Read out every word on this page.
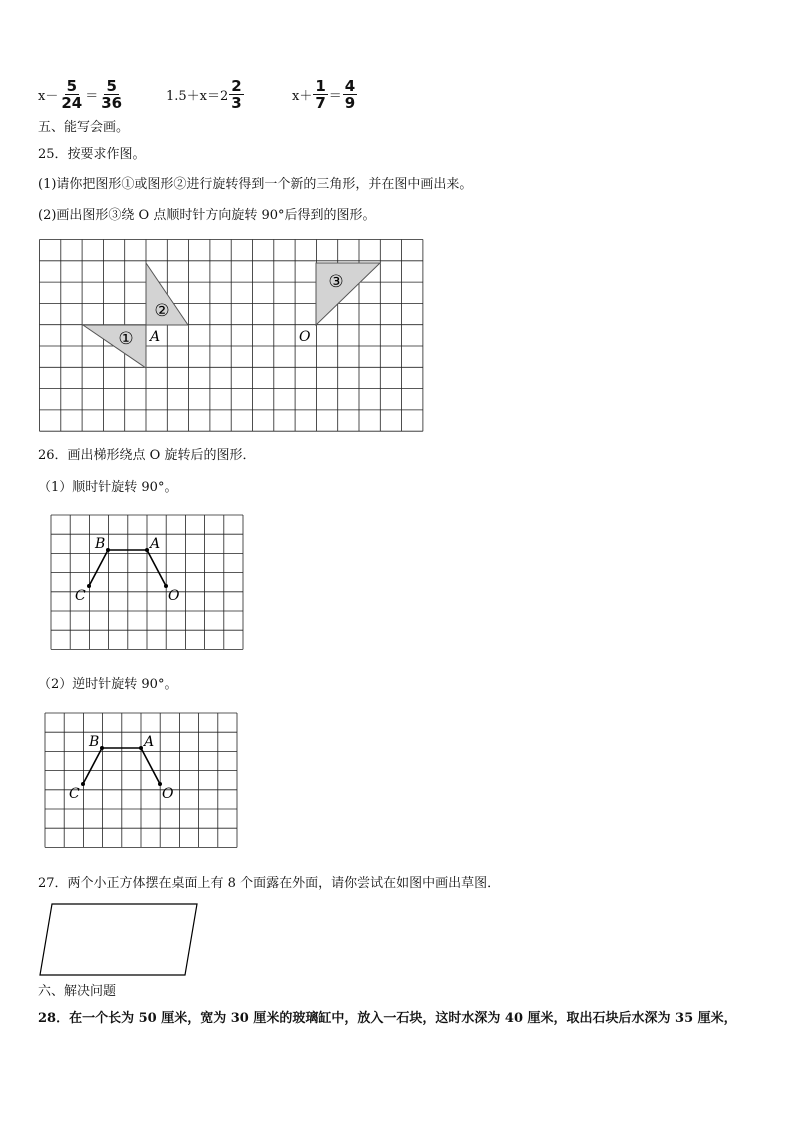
$x- \frac{5}{24} = \frac{5}{36}$	$1.5+x=2 \frac{2}{3}$	$x+ \frac{1}{7} = \frac{4}{9}$
五、能写会画。
25．按要求作图。
(1)请你把图形①或图形②进行旋转得到一个新的三角形，并在图中画出来。
(2)画出图形③绕 O 点顺时针方向旋转 90°后得到的图形。
①
②
③
A	O
26．画出梯形绕点 O 旋转后的图形．
（1）顺时针旋转 90°。
B	A
C	O
（2）逆时针旋转 90°。
B	A
C	O
27．两个小正方体摆在桌面上有 8 个面露在外面，请你尝试在如图中画出草图．
六、解决问题
28．在一个长为 50 厘米，宽为 30 厘米的玻璃缸中，放入一石块，这时水深为 40 厘米，取出石块后水深为 35 厘米，
